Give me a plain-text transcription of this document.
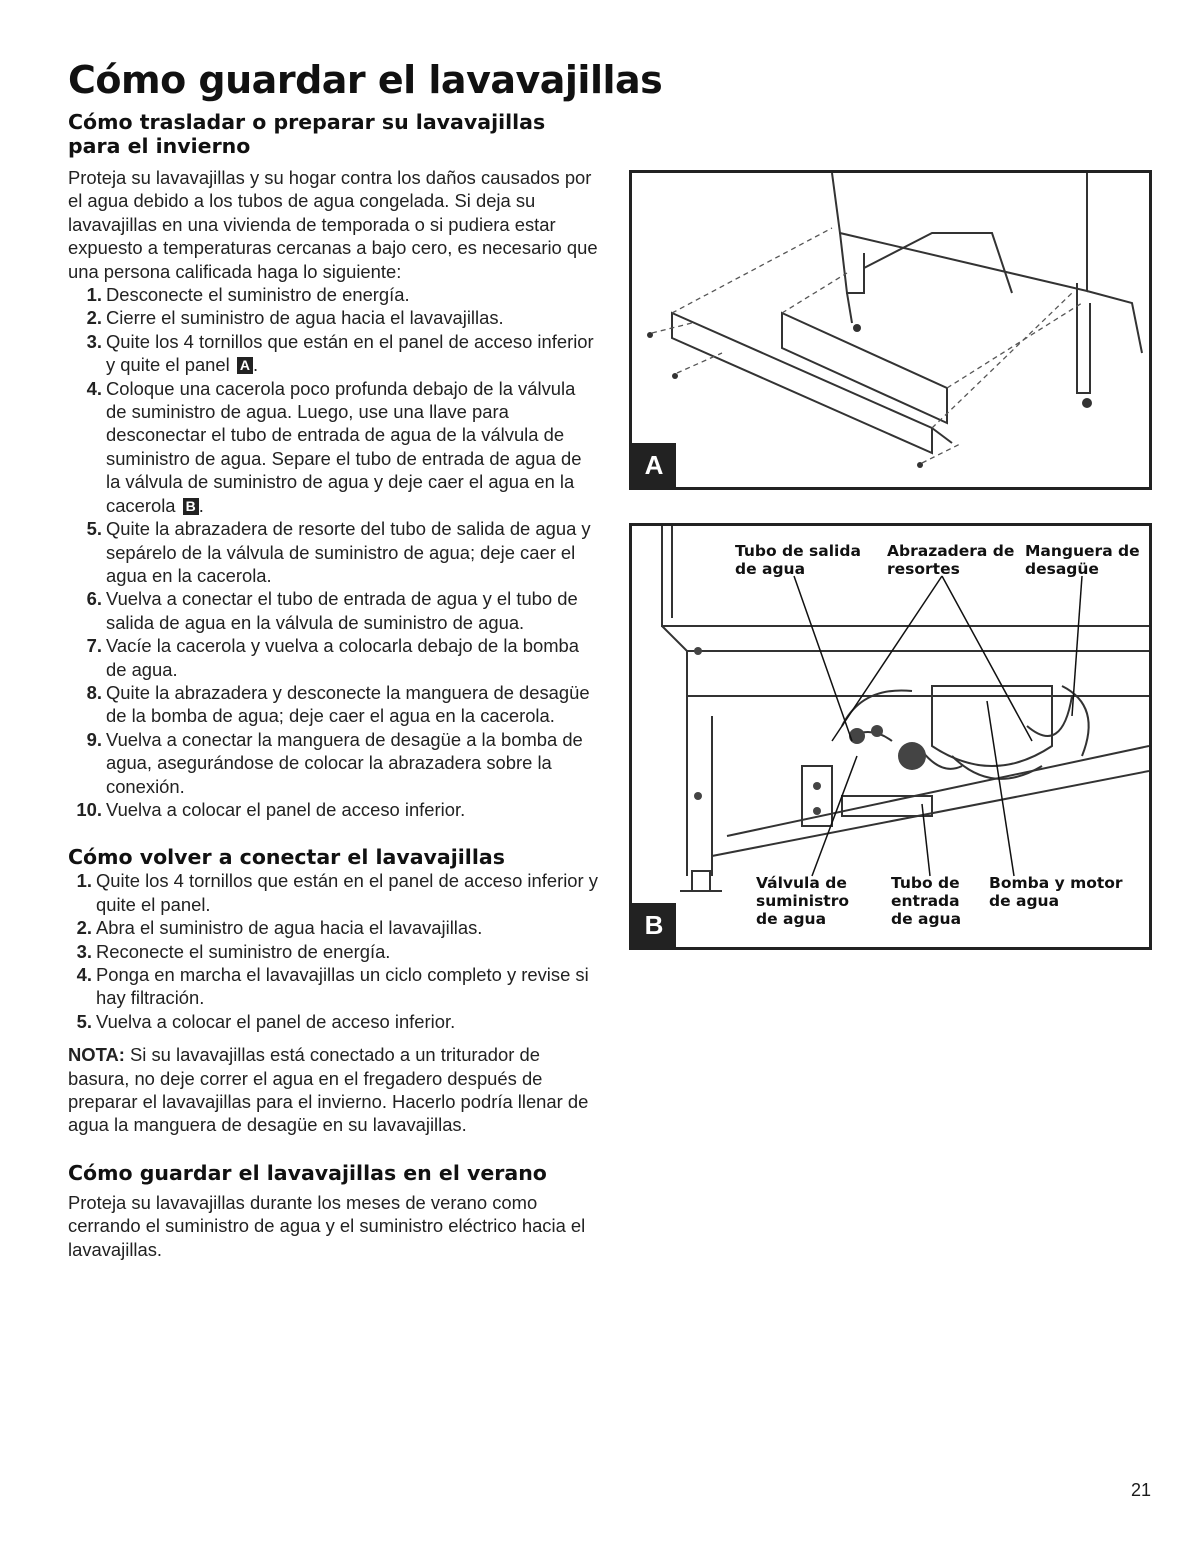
Cómo guardar el lavavajillas
Cómo trasladar o preparar su lavavajillas para el invierno

Proteja su lavavajillas y su hogar contra los daños causados por el agua debido a los tubos de agua congelada. Si deja su lavavajillas en una vivienda de temporada o si pudiera estar expuesto a temperaturas cercanas a bajo cero, es necesario que una persona calificada haga lo siguiente:

1. Desconecte el suministro de energía.
2. Cierre el suministro de agua hacia el lavavajillas.
3. Quite los 4 tornillos que están en el panel de acceso inferior y quite el panel A .
4. Coloque una cacerola poco profunda debajo de la válvula de suministro de agua. Luego, use una llave para desconectar el tubo de entrada de agua de la válvula de suministro de agua. Separe el tubo de entrada de agua de la válvula de suministro de agua y deje caer el agua en la cacerola B .
5. Quite la abrazadera de resorte del tubo de salida de agua y sepárelo de la válvula de suministro de agua; deje caer el agua en la cacerola.
6. Vuelva a conectar el tubo de entrada de agua y el tubo de salida de agua en la válvula de suministro de agua.
7. Vacíe la cacerola y vuelva a colocarla debajo de la bomba de agua.
8. Quite la abrazadera y desconecte la manguera de desagüe de la bomba de agua; deje caer el agua en la cacerola.
9. Vuelva a conectar la manguera de desagüe a la bomba de agua, asegurándose de colocar la abrazadera sobre la conexión.
10. Vuelva a colocar el panel de acceso inferior.
Cómo volver a conectar el lavavajillas
1. Quite los 4 tornillos que están en el panel de acceso inferior y quite el panel.
2. Abra el suministro de agua hacia el lavavajillas.
3. Reconecte el suministro de energía.
4. Ponga en marcha el lavavajillas un ciclo completo y revise si hay filtración.
5. Vuelva a colocar el panel de acceso inferior.

NOTA: Si su lavavajillas está conectado a un triturador de basura, no deje correr el agua en el fregadero después de preparar el lavavajillas para el invierno. Hacerlo podría llenar de agua la manguera de desagüe en su lavavajillas.

Cómo guardar el lavavajillas en el verano

Proteja su lavavajillas durante los meses de verano como cerrando el suministro de agua y el suministro eléctrico hacia el lavavajillas.

A
Tubo de salida
de agua
Abrazadera de
resortes
Manguera de
desagüe
Válvula de
suministro
de agua
Tubo de
entrada
de agua
Bomba y motor
de agua
B
21
